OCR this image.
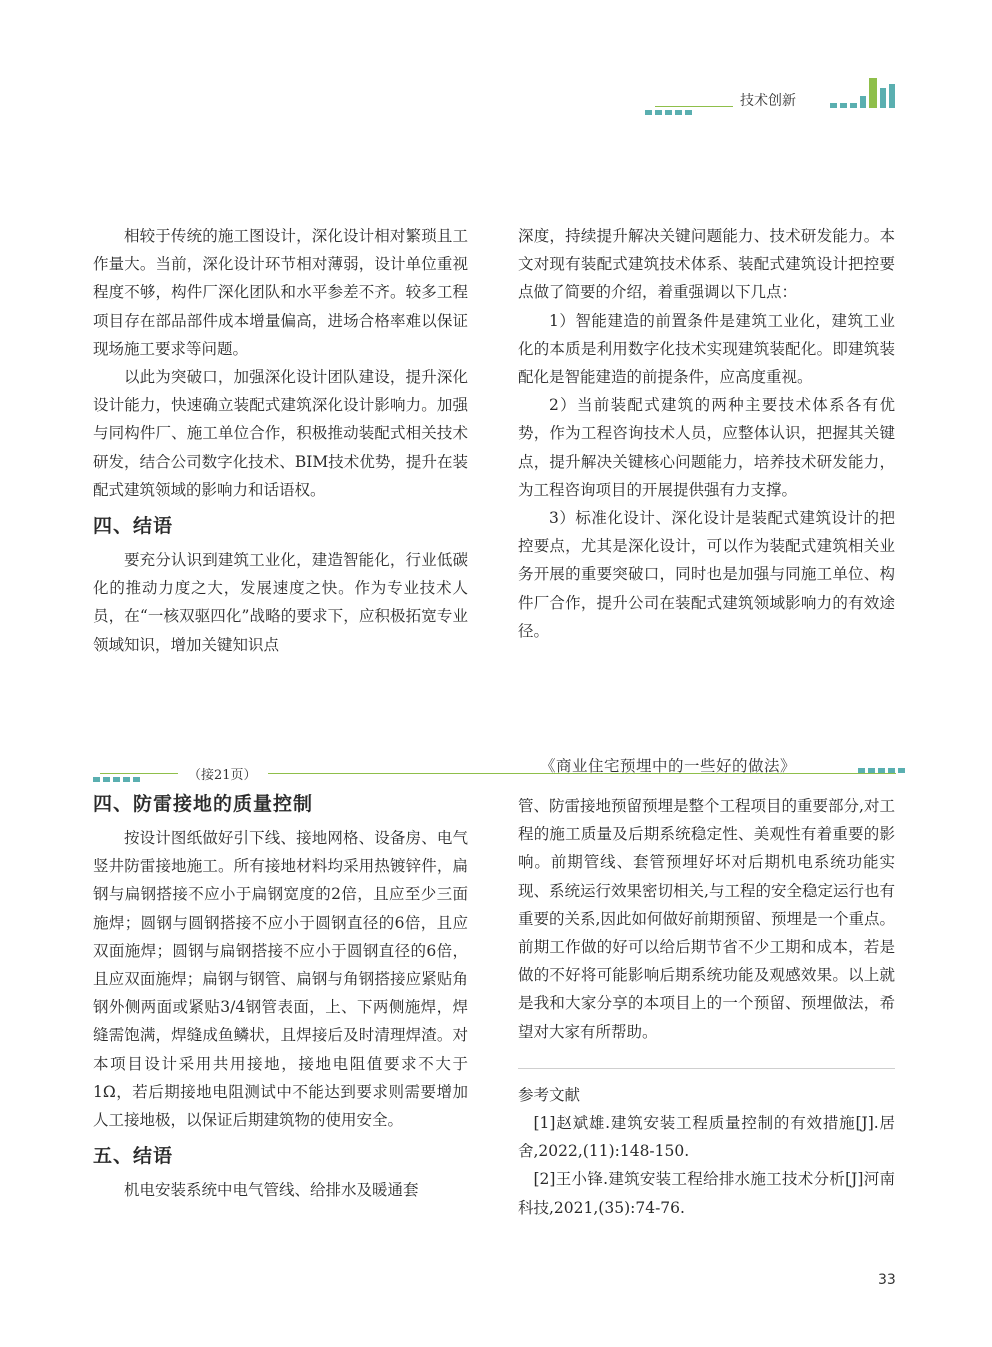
技术创新

相较于传统的施工图设计，深化设计相对繁琐且工作量大。当前，深化设计环节相对薄弱，设计单位重视程度不够，构件厂深化团队和水平参差不齐。较多工程项目存在部品部件成本增量偏高，进场合格率难以保证现场施工要求等问题。

以此为突破口，加强深化设计团队建设，提升深化设计能力，快速确立装配式建筑深化设计影响力。加强与同构件厂、施工单位合作，积极推动装配式相关技术研发，结合公司数字化技术、BIM技术优势，提升在装配式建筑领域的影响力和话语权。

四、结语

要充分认识到建筑工业化，建造智能化，行业低碳化的推动力度之大，发展速度之快。作为专业技术人员，在“一核双驱四化”战略的要求下，应积极拓宽专业领域知识，增加关键知识点

深度，持续提升解决关键问题能力、技术研发能力。本文对现有装配式建筑技术体系、装配式建筑设计把控要点做了简要的介绍，着重强调以下几点：

1）智能建造的前置条件是建筑工业化，建筑工业化的本质是利用数字化技术实现建筑装配化。即建筑装配化是智能建造的前提条件，应高度重视。

2）当前装配式建筑的两种主要技术体系各有优势，作为工程咨询技术人员，应整体认识，把握其关键点，提升解决关键核心问题能力，培养技术研发能力，为工程咨询项目的开展提供强有力支撑。

3）标准化设计、深化设计是装配式建筑设计的把控要点，尤其是深化设计，可以作为装配式建筑相关业务开展的重要突破口，同时也是加强与同施工单位、构件厂合作，提升公司在装配式建筑领域影响力的有效途径。

（接21页）
《商业住宅预埋中的一些好的做法》
四、防雷接地的质量控制

按设计图纸做好引下线、接地网格、设备房、电气竖井防雷接地施工。所有接地材料均采用热镀锌件，扁钢与扁钢搭接不应小于扁钢宽度的2倍，且应至少三面施焊；圆钢与圆钢搭接不应小于圆钢直径的6倍，且应双面施焊；圆钢与扁钢搭接不应小于圆钢直径的6倍，且应双面施焊；扁钢与钢管、扁钢与角钢搭接应紧贴角钢外侧两面或紧贴3/4钢管表面，上、下两侧施焊，焊缝需饱满，焊缝成鱼鳞状，且焊接后及时清理焊渣。对本项目设计采用共用接地，接地电阻值要求不大于1Ω，若后期接地电阻测试中不能达到要求则需要增加人工接地极，以保证后期建筑物的使用安全。

五、结语

机电安装系统中电气管线、给排水及暖通套

管、防雷接地预留预埋是整个工程项目的重要部分,对工程的施工质量及后期系统稳定性、美观性有着重要的影响。前期管线、套管预埋好坏对后期机电系统功能实现、系统运行效果密切相关,与工程的安全稳定运行也有重要的关系,因此如何做好前期预留、预埋是一个重点。前期工作做的好可以给后期节省不少工期和成本，若是做的不好将可能影响后期系统功能及观感效果。以上就是我和大家分享的本项目上的一个预留、预埋做法，希望对大家有所帮助。

参考文献

[1]赵斌雄.建筑安装工程质量控制的有效措施[J].居舍,2022,(11):148-150.

[2]王小锋.建筑安装工程给排水施工技术分析[J]河南科技,2021,(35):74-76.

33
